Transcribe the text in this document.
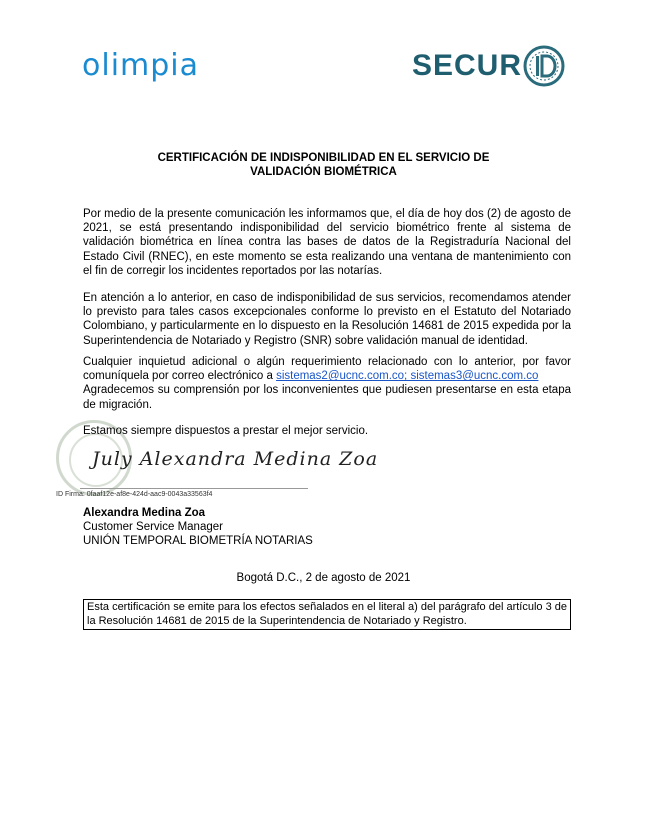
olimpia	SECUR
CERTIFICACIÓN DE INDISPONIBILIDAD EN EL SERVICIO DE
VALIDACIÓN BIOMÉTRICA
Por medio de la presente comunicación les informamos que, el día de hoy dos (2) de agosto de 2021, se está presentando indisponibilidad del servicio biométrico frente al sistema de validación biométrica en línea contra las bases de datos de la Registraduría Nacional del Estado Civil (RNEC), en este momento se esta realizando una ventana de mantenimiento con el fin de corregir los incidentes reportados por las notarías.
En atención a lo anterior, en caso de indisponibilidad de sus servicios, recomendamos atender lo previsto para tales casos excepcionales conforme lo previsto en el Estatuto del Notariado Colombiano, y particularmente en lo dispuesto en la Resolución 14681 de 2015 expedida por la Superintendencia de Notariado y Registro (SNR) sobre validación manual de identidad.
Cualquier inquietud adicional o algún requerimiento relacionado con lo anterior, por favor comuníquela por correo electrónico a sistemas2@ucnc.com.co; sistemas3@ucnc.com.co
Agradecemos su comprensión por los inconvenientes que pudiesen presentarse en esta etapa de migración.
Estamos siempre dispuestos a prestar el mejor servicio.
July Alexandra Medina Zoa
ID Firma: 0faaf12e-af8e-424d-aac9-0043a33563f4
Alexandra Medina Zoa
Customer Service Manager
UNIÓN TEMPORAL BIOMETRÍA NOTARIAS
Bogotá D.C., 2 de agosto de 2021
Esta certificación se emite para los efectos señalados en el literal a) del parágrafo del artículo 3 de la Resolución 14681 de 2015 de la Superintendencia de Notariado y Registro.
